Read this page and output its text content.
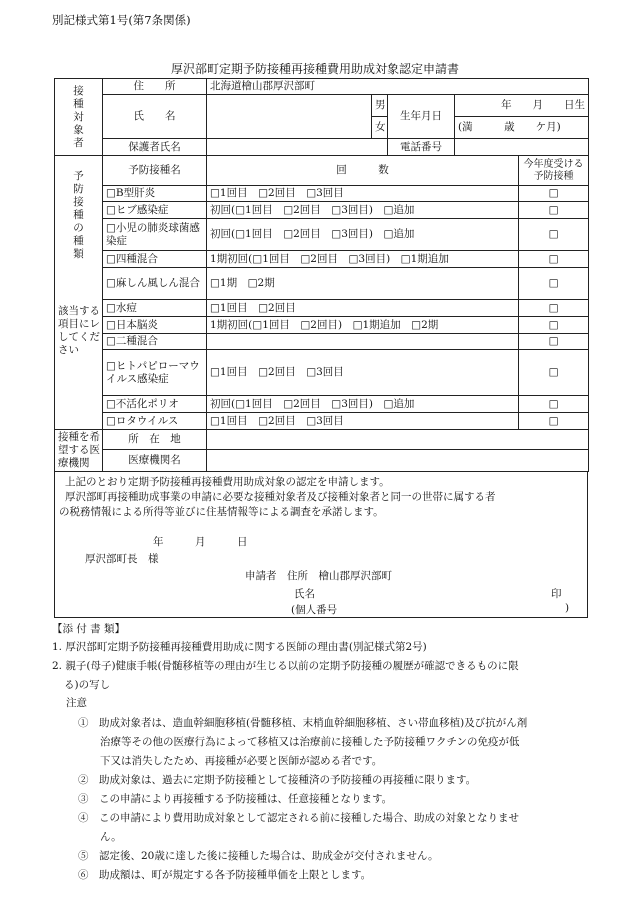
別記様式第1号(第7条関係)
厚沢部町定期予防接種再接種費用助成対象認定申請書
接種対象者	住　　所	北海道檜山郡厚沢部町				
	氏　　名		男	生年月日	年　　月　　日生	
			女		(満　　　歳　　ケ月)	
	保護者氏名			電話番号		
予防接種の種類
該当する項目にレしてください	予防接種名	回　　　数				今年度受ける予防接種
	□B型肝炎	□1回目　□2回目　□3回目				□
	□ヒブ感染症	初回(□1回目　□2回目　□3回目)　□追加				□
	□小児の肺炎球菌感染症	初回(□1回目　□2回目　□3回目)　□追加				□
	□四種混合	1期初回(□1回目　□2回目　□3回目)　□1期追加				□
	□麻しん風しん混合	□1期　□2期				□
	□水痘	□1回目　□2回目				□
	□日本脳炎	1期初回(□1回目　□2回目)　□1期追加　□2期				□
	□二種混合					□
	□ヒトパピローマウイルス感染症	□1回目　□2回目　□3回目				□
	□不活化ポリオ	初回(□1回目　□2回目　□3回目)　□追加				□
	□ロタウイルス	□1回目　□2回目　□3回目				□
接種を希望する医療機関	所　在　地					
	医療機関名					
上記のとおり定期予防接種再接種費用助成対象の認定を申請します。
厚沢部町再接種助成事業の申請に必要な接種対象者及び接種対象者と同一の世帯に属する者
の税務情報による所得等並びに住基情報等による調査を承諾します。
年　　　月　　　日
厚沢部町長　様
申請者　住所　檜山郡厚沢部町
氏名	印
(個人番号	)
【添 付 書 類】
1. 厚沢部町定期予防接種再接種費用助成に関する医師の理由書(別記様式第2号)
2. 親子(母子)健康手帳(骨髄移植等の理由が生じる以前の定期予防接種の履歴が確認できるものに限
る)の写し
注意
①　助成対象者は、造血幹細胞移植(骨髄移植、末梢血幹細胞移植、さい帯血移植)及び抗がん剤
治療等その他の医療行為によって移植又は治療前に接種した予防接種ワクチンの免疫が低
下又は消失したため、再接種が必要と医師が認める者です。
②　助成対象は、過去に定期予防接種として接種済の予防接種の再接種に限ります。
③　この申請により再接種する予防接種は、任意接種となります。
④　この申請により費用助成対象として認定される前に接種した場合、助成の対象となりませ
ん。
⑤　認定後、20歳に達した後に接種した場合は、助成金が交付されません。
⑥　助成額は、町が規定する各予防接種単価を上限とします。
